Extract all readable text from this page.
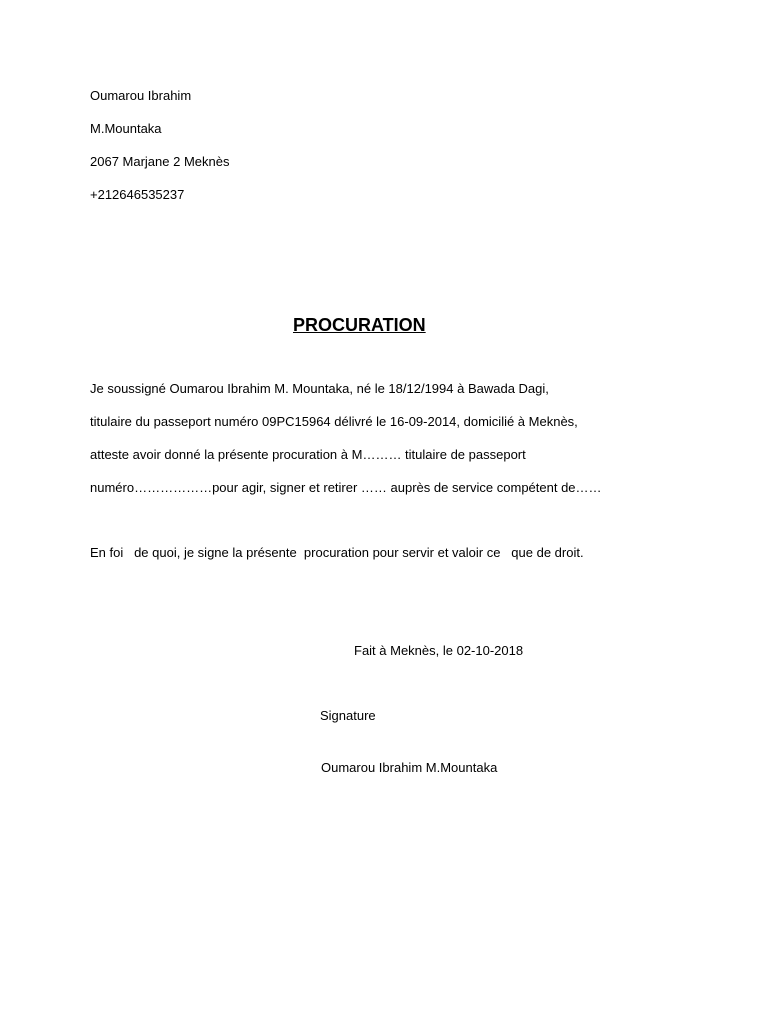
Oumarou Ibrahim
M.Mountaka
2067 Marjane 2 Meknès
+212646535237
PROCURATION
Je soussigné Oumarou Ibrahim M. Mountaka, né le 18/12/1994 à Bawada Dagi,
titulaire du passeport numéro 09PC15964 délivré le 16-09-2014, domicilié à Meknès,
atteste avoir donné la présente procuration à M……… titulaire de passeport
numéro………………pour agir, signer et retirer …… auprès de service compétent de……
En foi   de quoi, je signe la présente  procuration pour servir et valoir ce   que de droit.
Fait à Meknès, le 02-10-2018
Signature
Oumarou Ibrahim M.Mountaka
